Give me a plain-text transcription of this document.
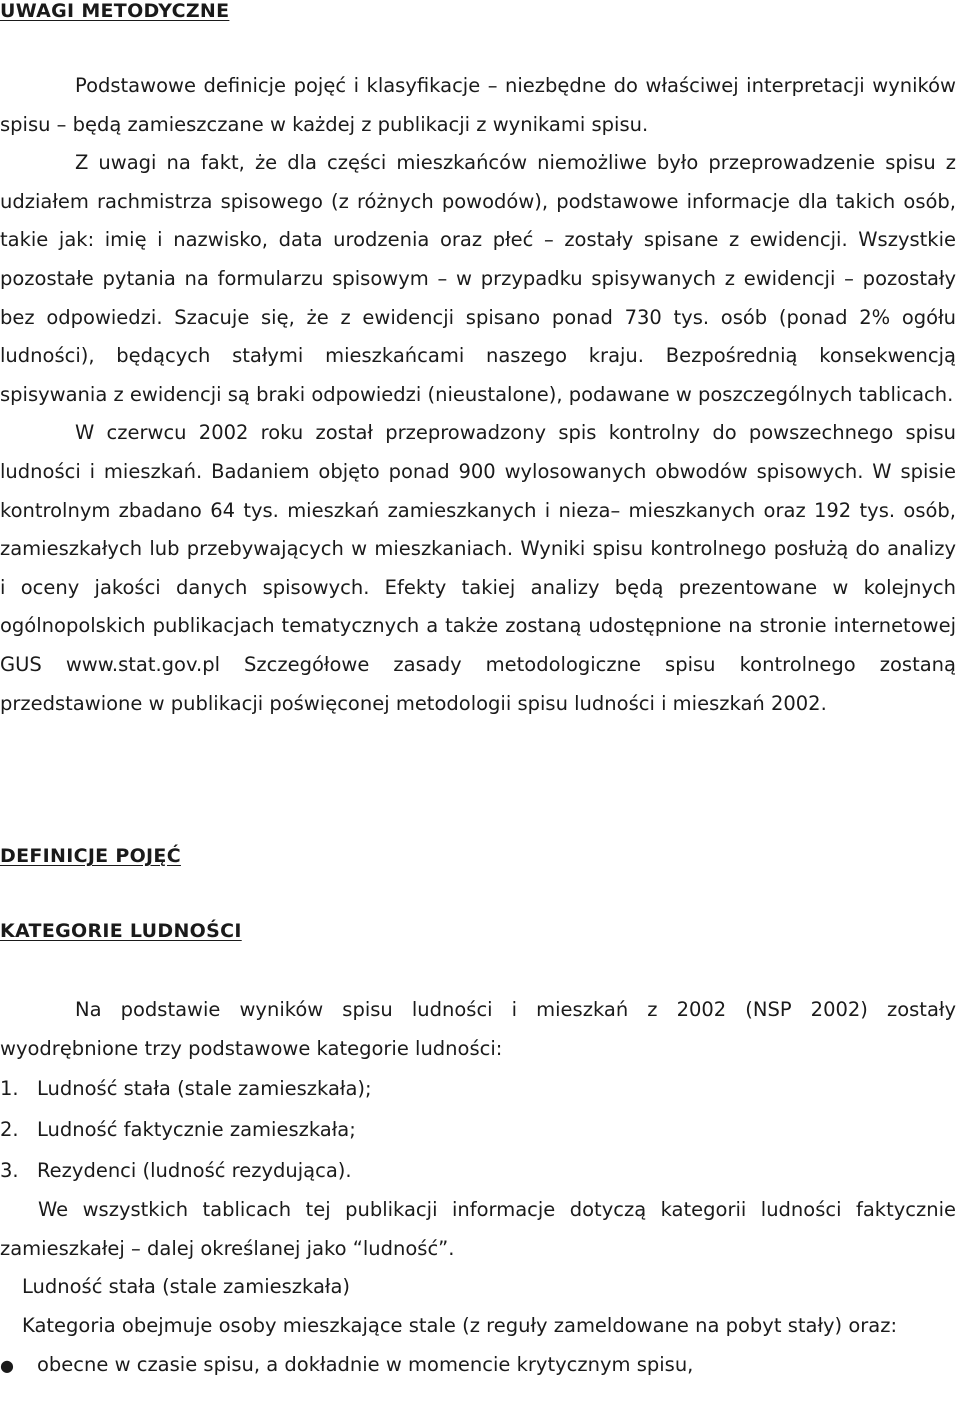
UWAGI METODYCZNE

Podstawowe definicje pojęć i klasyfikacje – niezbędne do właściwej interpretacji wyników spisu – będą zamieszczane w każdej z publikacji z wynikami spisu.

Z uwagi na fakt, że dla części mieszkańców niemożliwe było przeprowadzenie spisu z udziałem rachmistrza spisowego (z różnych powodów), podstawowe informacje dla takich osób, takie jak: imię i nazwisko, data urodzenia oraz płeć – zostały spisane z ewidencji. Wszystkie pozostałe pytania na formularzu spisowym – w przypadku spisywanych z ewidencji – pozostały bez odpowiedzi. Szacuje się, że z ewidencji spisano ponad 730 tys. osób (ponad 2% ogółu ludności), będących stałymi mieszkańcami naszego kraju. Bezpośrednią konsekwencją spisywania z ewidencji są braki odpowiedzi (nieustalone), podawane w poszczególnych tablicach.

W czerwcu 2002 roku został przeprowadzony spis kontrolny do powszechnego spisu ludności i mieszkań. Badaniem objęto ponad 900 wylosowanych obwodów spisowych. W spisie kontrolnym zbadano 64 tys. mieszkań zamieszkanych i nieza– mieszkanych oraz 192 tys. osób, zamieszkałych lub przebywających w mieszkaniach. Wyniki spisu kontrolnego posłużą do analizy i oceny jakości danych spisowych. Efekty takiej analizy będą prezentowane w kolejnych ogólnopolskich publikacjach tematycznych a także zostaną udostępnione na stronie internetowej GUS www.stat.gov.pl Szczegółowe zasady metodologiczne spisu kontrolnego zostaną przedstawione w publikacji poświęconej metodologii spisu ludności i mieszkań 2002.

DEFINICJE POJĘĆ
KATEGORIE LUDNOŚCI

Na podstawie wyników spisu ludności i mieszkań z 2002 (NSP 2002) zostały wyodrębnione trzy podstawowe kategorie ludności:

1. Ludność stała (stale zamieszkała);
2. Ludność faktycznie zamieszkała;
3. Rezydenci (ludność rezydująca).

We wszystkich tablicach tej publikacji informacje dotyczą kategorii ludności faktycznie zamieszkałej – dalej określanej jako “ludność”.

Ludność stała (stale zamieszkała)

Kategoria obejmuje osoby mieszkające stale (z reguły zameldowane na pobyt stały) oraz:

●	obecne w czasie spisu, a dokładnie w momencie krytycznym spisu,
